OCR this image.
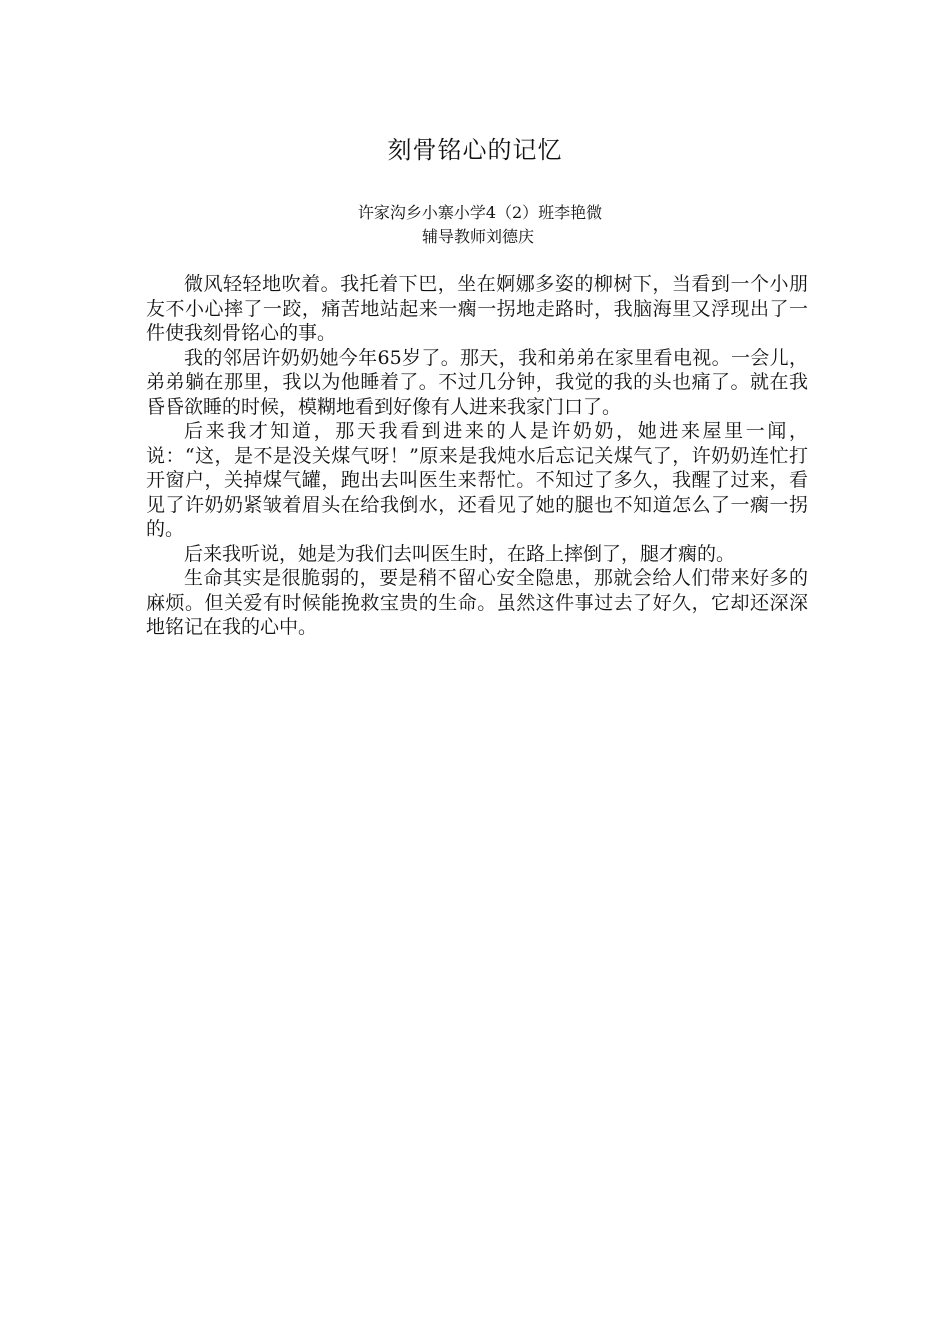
刻骨铭心的记忆
许家沟乡小寨小学4（2）班李艳微
辅导教师刘德庆

微风轻轻地吹着。我托着下巴，坐在婀娜多姿的柳树下，当看到一个小朋友不小心摔了一跤，痛苦地站起来一瘸一拐地走路时，我脑海里又浮现出了一件使我刻骨铭心的事。

我的邻居许奶奶她今年65岁了。那天，我和弟弟在家里看电视。一会儿，弟弟躺在那里，我以为他睡着了。不过几分钟，我觉的我的头也痛了。就在我昏昏欲睡的时候，模糊地看到好像有人进来我家门口了。

后来我才知道，那天我看到进来的人是许奶奶，她进来屋里一闻，说：“这，是不是没关煤气呀！”原来是我炖水后忘记关煤气了，许奶奶连忙打开窗户，关掉煤气罐，跑出去叫医生来帮忙。不知过了多久，我醒了过来，看见了许奶奶紧皱着眉头在给我倒水，还看见了她的腿也不知道怎么了一瘸一拐的。

后来我听说，她是为我们去叫医生时，在路上摔倒了，腿才瘸的。

生命其实是很脆弱的，要是稍不留心安全隐患，那就会给人们带来好多的麻烦。但关爱有时候能挽救宝贵的生命。虽然这件事过去了好久，它却还深深地铭记在我的心中。
